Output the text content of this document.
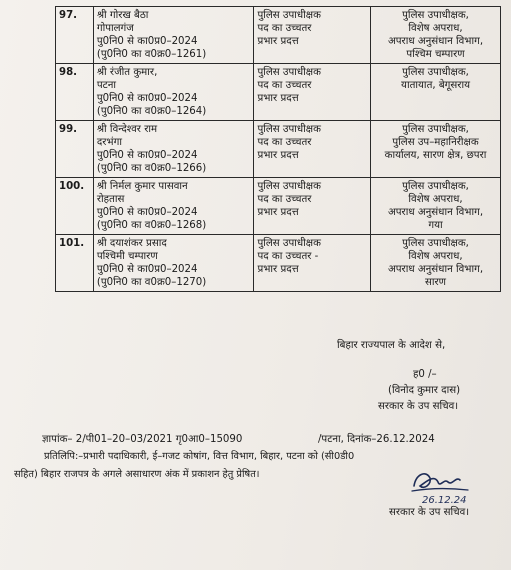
97.	श्री गोरख बैठा
गोपालगंज
पु0नि0 से का0प्र0–2024
(पु0नि0 का व0क्र0–1261)	पुलिस उपाधीक्षक
पद का उच्चतर
प्रभार प्रदत्त	पुलिस उपाधीक्षक,
विशेष अपराध,
अपराध अनुसंधान विभाग,
पश्चिम चम्पारण

98.	श्री रंजीत कुमार,
पटना
पु0नि0 से का0प्र0–2024
(पु0नि0 का व0क्र0–1264)	पुलिस उपाधीक्षक
पद का उच्चतर
प्रभार प्रदत्त	पुलिस उपाधीक्षक,
यातायात, बेगूसराय

99.	श्री विन्देश्वर राम
दरभंगा
पु0नि0 से का0प्र0–2024
(पु0नि0 का व0क्र0–1266)	पुलिस उपाधीक्षक
पद का उच्चतर
प्रभार प्रदत्त	पुलिस उपाधीक्षक,
पुलिस उप–महानिरीक्षक
कार्यालय, सारण क्षेत्र, छपरा

100.	श्री निर्मल कुमार पासवान
रोहतास
पु0नि0 से का0प्र0–2024
(पु0नि0 का व0क्र0–1268)	पुलिस उपाधीक्षक
पद का उच्चतर
प्रभार प्रदत्त	पुलिस उपाधीक्षक,
विशेष अपराध,
अपराध अनुसंधान विभाग,
गया

101.	श्री दयाशंकर प्रसाद
पश्चिमी चम्पारण
पु0नि0 से का0प्र0–2024
(पु0नि0 का व0क्र0–1270)	पुलिस उपाधीक्षक
पद का उच्चतर -
प्रभार प्रदत्त	पुलिस उपाधीक्षक,
विशेष अपराध,
अपराध अनुसंधान विभाग,
सारण
बिहार राज्यपाल के आदेश से,
ह0 /–
(विनोद कुमार दास)
सरकार के उप सचिव।
ज्ञापांक– 2/पी01–20–03/2021 गृ0आ0–15090	/पटना, दिनांक–26.12.2024
प्रतिलिपि:–प्रभारी पदाधिकारी, ई–गजट कोषांग, वित्त विभाग, बिहार, पटना को (सी0डी0
सहित) बिहार राजपत्र के अगले असाधारण अंक में प्रकाशन हेतु प्रेषित।
26.12.24
सरकार के उप सचिव।
